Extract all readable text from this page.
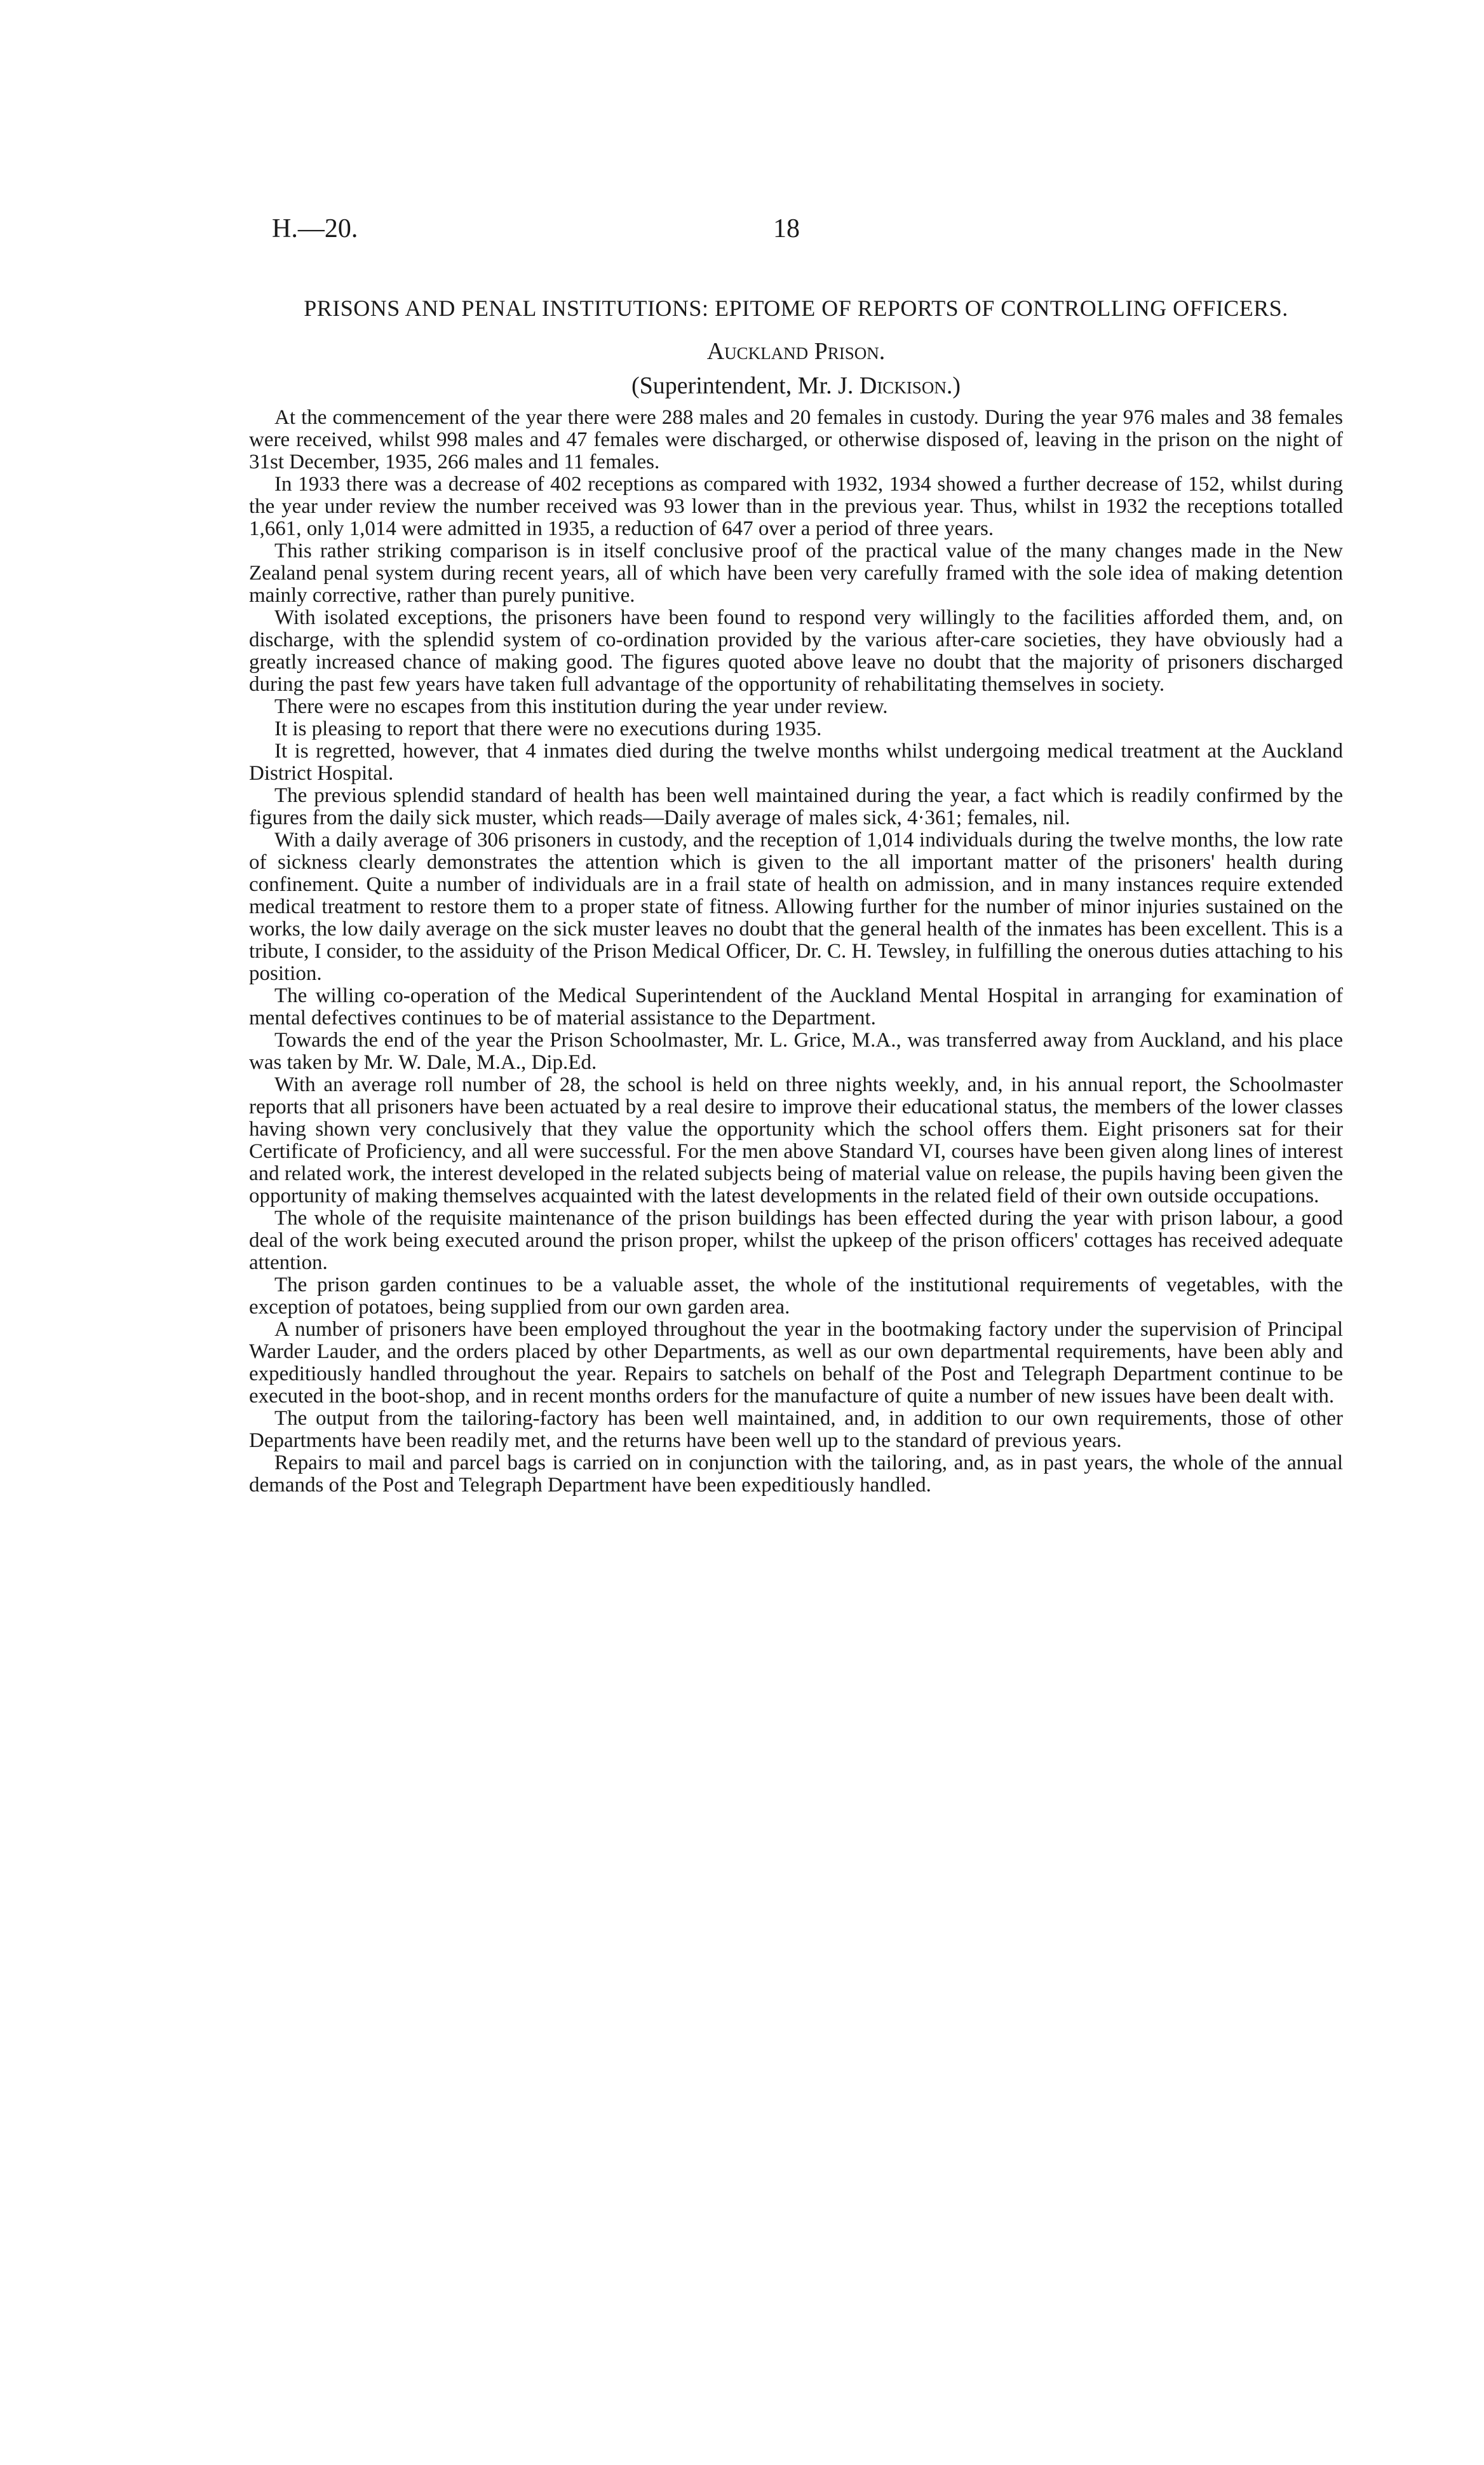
H.—20.	18
PRISONS AND PENAL INSTITUTIONS: EPITOME OF REPORTS OF CONTROLLING OFFICERS.
Auckland Prison.
(Superintendent, Mr. J. Dickison.)

At the commencement of the year there were 288 males and 20 females in custody. During the year 976 males and 38 females were received, whilst 998 males and 47 females were discharged, or otherwise disposed of, leaving in the prison on the night of 31st December, 1935, 266 males and 11 females.

In 1933 there was a decrease of 402 receptions as compared with 1932, 1934 showed a further decrease of 152, whilst during the year under review the number received was 93 lower than in the previous year. Thus, whilst in 1932 the receptions totalled 1,661, only 1,014 were admitted in 1935, a reduction of 647 over a period of three years.

This rather striking comparison is in itself conclusive proof of the practical value of the many changes made in the New Zealand penal system during recent years, all of which have been very carefully framed with the sole idea of making detention mainly corrective, rather than purely punitive.

With isolated exceptions, the prisoners have been found to respond very willingly to the facilities afforded them, and, on discharge, with the splendid system of co-ordination provided by the various after-care societies, they have obviously had a greatly increased chance of making good. The figures quoted above leave no doubt that the majority of prisoners discharged during the past few years have taken full advantage of the opportunity of rehabilitating themselves in society.

There were no escapes from this institution during the year under review.

It is pleasing to report that there were no executions during 1935.

It is regretted, however, that 4 inmates died during the twelve months whilst undergoing medical treatment at the Auckland District Hospital.

The previous splendid standard of health has been well maintained during the year, a fact which is readily confirmed by the figures from the daily sick muster, which reads—Daily average of males sick, 4·361; females, nil.

With a daily average of 306 prisoners in custody, and the reception of 1,014 individuals during the twelve months, the low rate of sickness clearly demonstrates the attention which is given to the all important matter of the prisoners' health during confinement. Quite a number of individuals are in a frail state of health on admission, and in many instances require extended medical treatment to restore them to a proper state of fitness. Allowing further for the number of minor injuries sustained on the works, the low daily average on the sick muster leaves no doubt that the general health of the inmates has been excellent. This is a tribute, I consider, to the assiduity of the Prison Medical Officer, Dr. C. H. Tewsley, in fulfilling the onerous duties attaching to his position.

The willing co-operation of the Medical Superintendent of the Auckland Mental Hospital in arranging for examination of mental defectives continues to be of material assistance to the Department.

Towards the end of the year the Prison Schoolmaster, Mr. L. Grice, M.A., was transferred away from Auckland, and his place was taken by Mr. W. Dale, M.A., Dip.Ed.

With an average roll number of 28, the school is held on three nights weekly, and, in his annual report, the Schoolmaster reports that all prisoners have been actuated by a real desire to improve their educational status, the members of the lower classes having shown very conclusively that they value the opportunity which the school offers them. Eight prisoners sat for their Certificate of Proficiency, and all were successful. For the men above Standard VI, courses have been given along lines of interest and related work, the interest developed in the related subjects being of material value on release, the pupils having been given the opportunity of making themselves acquainted with the latest developments in the related field of their own outside occupations.

The whole of the requisite maintenance of the prison buildings has been effected during the year with prison labour, a good deal of the work being executed around the prison proper, whilst the upkeep of the prison officers' cottages has received adequate attention.

The prison garden continues to be a valuable asset, the whole of the institutional requirements of vegetables, with the exception of potatoes, being supplied from our own garden area.

A number of prisoners have been employed throughout the year in the bootmaking factory under the supervision of Principal Warder Lauder, and the orders placed by other Departments, as well as our own departmental requirements, have been ably and expeditiously handled throughout the year. Repairs to satchels on behalf of the Post and Telegraph Department continue to be executed in the boot-shop, and in recent months orders for the manufacture of quite a number of new issues have been dealt with.

The output from the tailoring-factory has been well maintained, and, in addition to our own requirements, those of other Departments have been readily met, and the returns have been well up to the standard of previous years.

Repairs to mail and parcel bags is carried on in conjunction with the tailoring, and, as in past years, the whole of the annual demands of the Post and Telegraph Department have been expeditiously handled.
